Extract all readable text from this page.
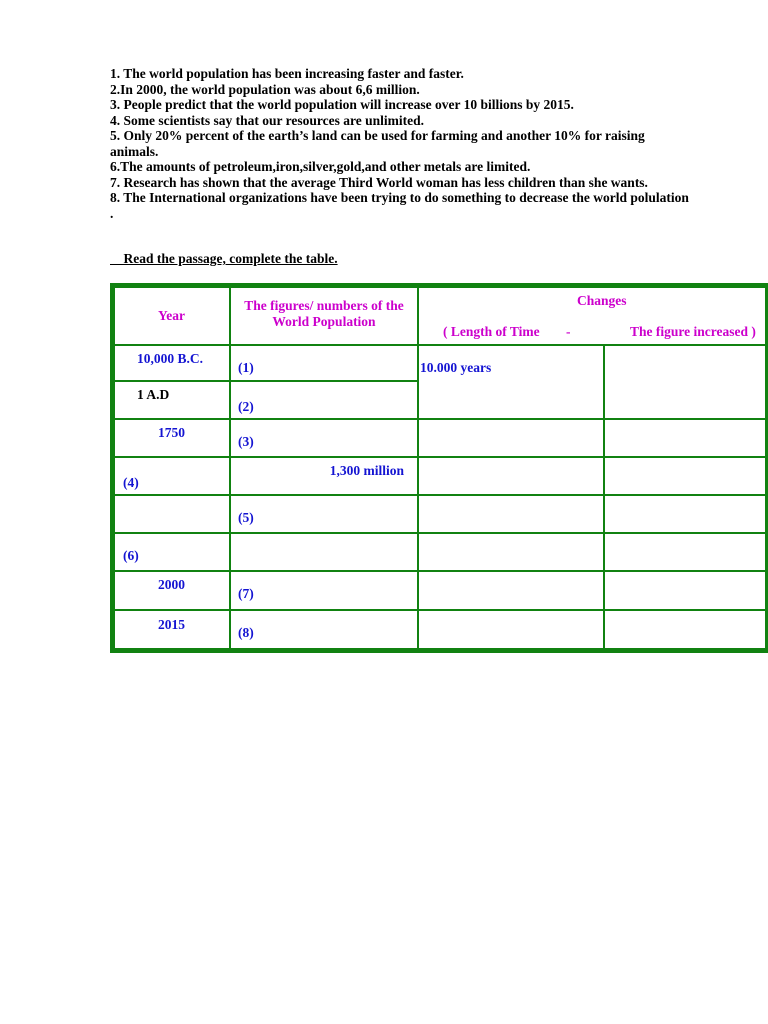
1. The world population has been increasing faster and faster.

2.In 2000, the world population was about 6,6 million.

3. People predict that the world population will increase over 10 billions by 2015.

4. Some scientists say that our resources are unlimited.

5. Only 20% percent of the earth’s land can be used for farming and another 10% for raising animals.

6.The amounts of petroleum,iron,silver,gold,and other metals are limited.

7. Research has shown that the average Third World woman has less children than she wants.

8. The International organizations have been trying to do something to decrease the world polulation .

Read the passage, complete the table.
Year
The figures/ numbers of the World Population
Changes
( Length of Time -	The figure increased )
10,000 B.C.
(1)
1 A.D
(2)
10.000 years
1750
(3)
(4)
1,300 million
(5)
(6)
2000
(7)
2015
(8)
